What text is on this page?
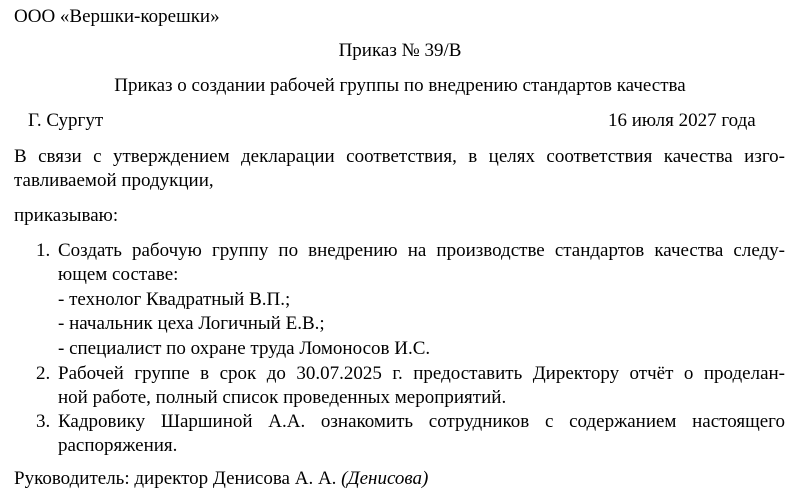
ООО «Вершки-корешки»
Приказ № 39/В
Приказ о создании рабочей группы по внедрению стандартов качества
Г. Сургут	16 июля 2027 года
В связи с утверждением декларации соответствия, в целях соответствия качества изго-
тавливаемой продукции,
приказываю:
1. Создать рабочую группу по внедрению на производстве стандартов качества следу-
ющем составе:
- технолог Квадратный В.П.;
- начальник цеха Логичный Е.В.;
- специалист по охране труда Ломоносов И.С.
2. Рабочей группе в срок до 30.07.2025 г. предоставить Директору отчёт о проделан-
ной работе, полный список проведенных мероприятий.
3. Кадровику Шаршиной А.А. ознакомить сотрудников с содержанием настоящего
распоряжения.
Руководитель: директор Денисова А. А. (Денисова)
